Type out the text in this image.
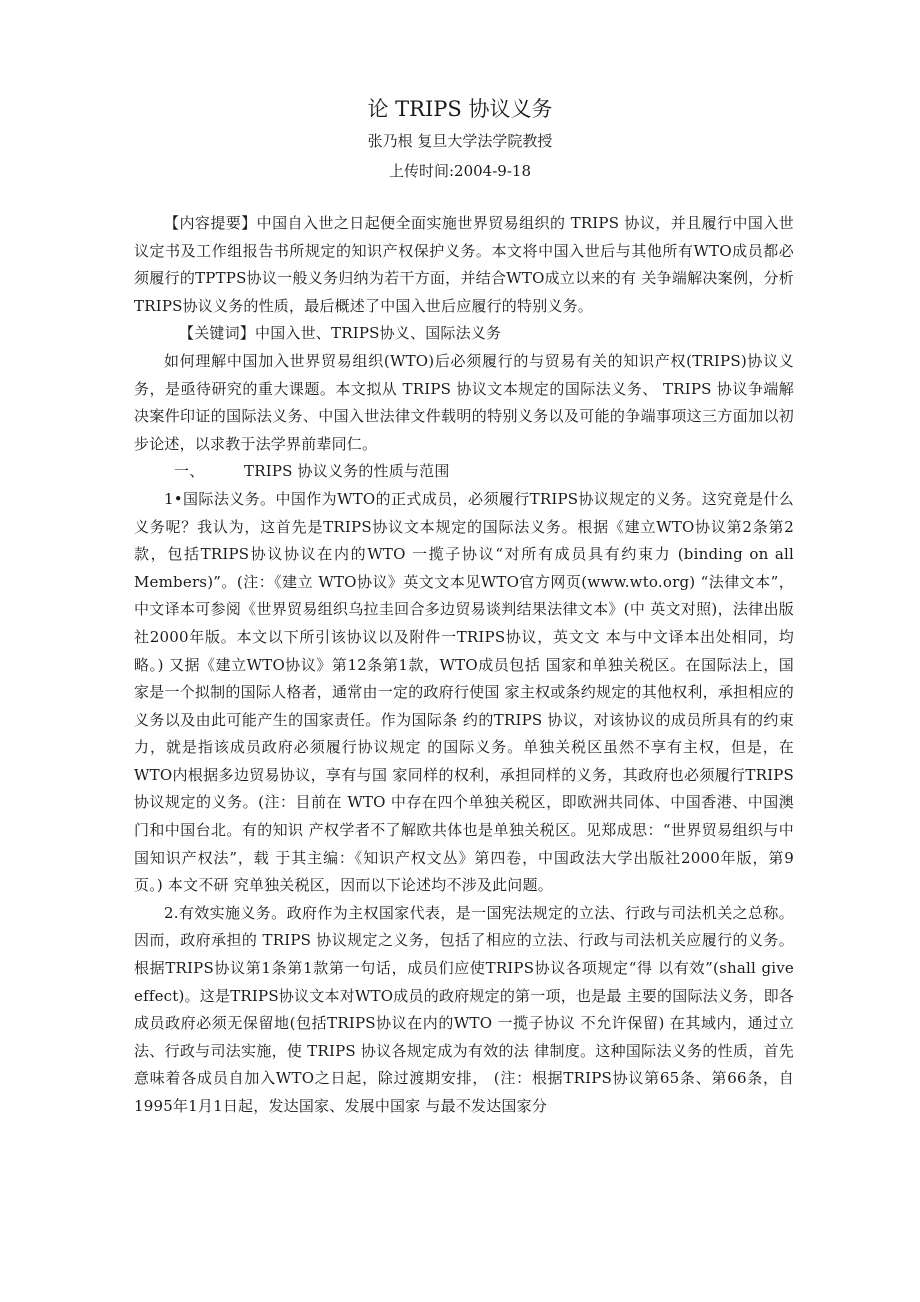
论 TRIPS 协议义务
张乃根 复旦大学法学院教授
上传时间:2004-9-18

【内容提要】中国自入世之日起便全面实施世界贸易组织的 TRIPS 协议，并且履行中国入世议定书及工作组报告书所规定的知识产权保护义务。本文将中国入世后与其他所有WTO成员都必须履行的TPTPS协议一般义务归纳为若干方面，并结合WTO成立以来的有 关争端解决案例，分析TRIPS协议义务的性质，最后概述了中国入世后应履行的特别义务。

【关键词】中国入世、TRIPS协义、国际法义务

如何理解中国加入世界贸易组织(WTO)后必须履行的与贸易有关的知识产权(TRIPS)协议义务，是亟待研究的重大课题。本文拟从 TRIPS 协议文本规定的国际法义务、 TRIPS 协议争端解决案件印证的国际法义务、中国入世法律文件载明的特别义务以及可能的争端事项这三方面加以初步论述，以求教于法学界前辈同仁。

一、	TRIPS 协议义务的性质与范围

1•国际法义务。中国作为WTO的正式成员，必须履行TRIPS协议规定的义务。这究竟是什么义务呢？我认为，这首先是TRIPS协议文本规定的国际法义务。根据《建立WTO协议第2条第2款，包括TRIPS协议协议在内的WTO 一揽子协议“对所有成员具有约束力 (binding on all Members)”。(注：《建立 WTO协议》英文文本见WTO官方网页(www.wto.org) “法律文本”，中文译本可参阅《世界贸易组织乌拉圭回合多边贸易谈判结果法律文本》(中 英文对照)，法律出版社2000年版。本文以下所引该协议以及附件一TRIPS协议，英文文 本与中文译本出处相同，均略。) 又据《建立WTO协议》第12条第1款，WTO成员包括 国家和单独关税区。在国际法上，国家是一个拟制的国际人格者，通常由一定的政府行使国 家主权或条约规定的其他权利，承担相应的义务以及由此可能产生的国家责任。作为国际条 约的TRIPS 协议，对该协议的成员所具有的约束力，就是指该成员政府必须履行协议规定 的国际义务。单独关税区虽然不享有主权，但是，在WTO内根据多边贸易协议，享有与国 家同样的权利，承担同样的义务，其政府也必须履行TRIPS协议规定的义务。(注：目前在 WTO 中存在四个单独关税区，即欧洲共同体、中国香港、中国澳门和中国台北。有的知识 产权学者不了解欧共体也是单独关税区。见郑成思：“世界贸易组织与中国知识产权法”，载 于其主编：《知识产权文丛》第四卷，中国政法大学出版社2000年版，第9页。) 本文不研 究单独关税区，因而以下论述均不涉及此问题。

2.有效实施义务。政府作为主权国家代表，是一国宪法规定的立法、行政与司法机关之总称。因而，政府承担的 TRIPS 协议规定之义务，包括了相应的立法、行政与司法机关应履行的义务。根据TRIPS协议第1条第1款第一句话，成员们应使TRIPS协议各项规定“得 以有效”(shall give effect)。这是TRIPS协议文本对WTO成员的政府规定的第一项，也是最 主要的国际法义务，即各成员政府必须无保留地(包括TRIPS协议在内的WTO 一揽子协议 不允许保留) 在其域内，通过立法、行政与司法实施，使 TRIPS 协议各规定成为有效的法 律制度。这种国际法义务的性质，首先意味着各成员自加入WTO之日起，除过渡期安排， (注：根据TRIPS协议第65条、第66条，自1995年1月1日起，发达国家、发展中国家 与最不发达国家分
